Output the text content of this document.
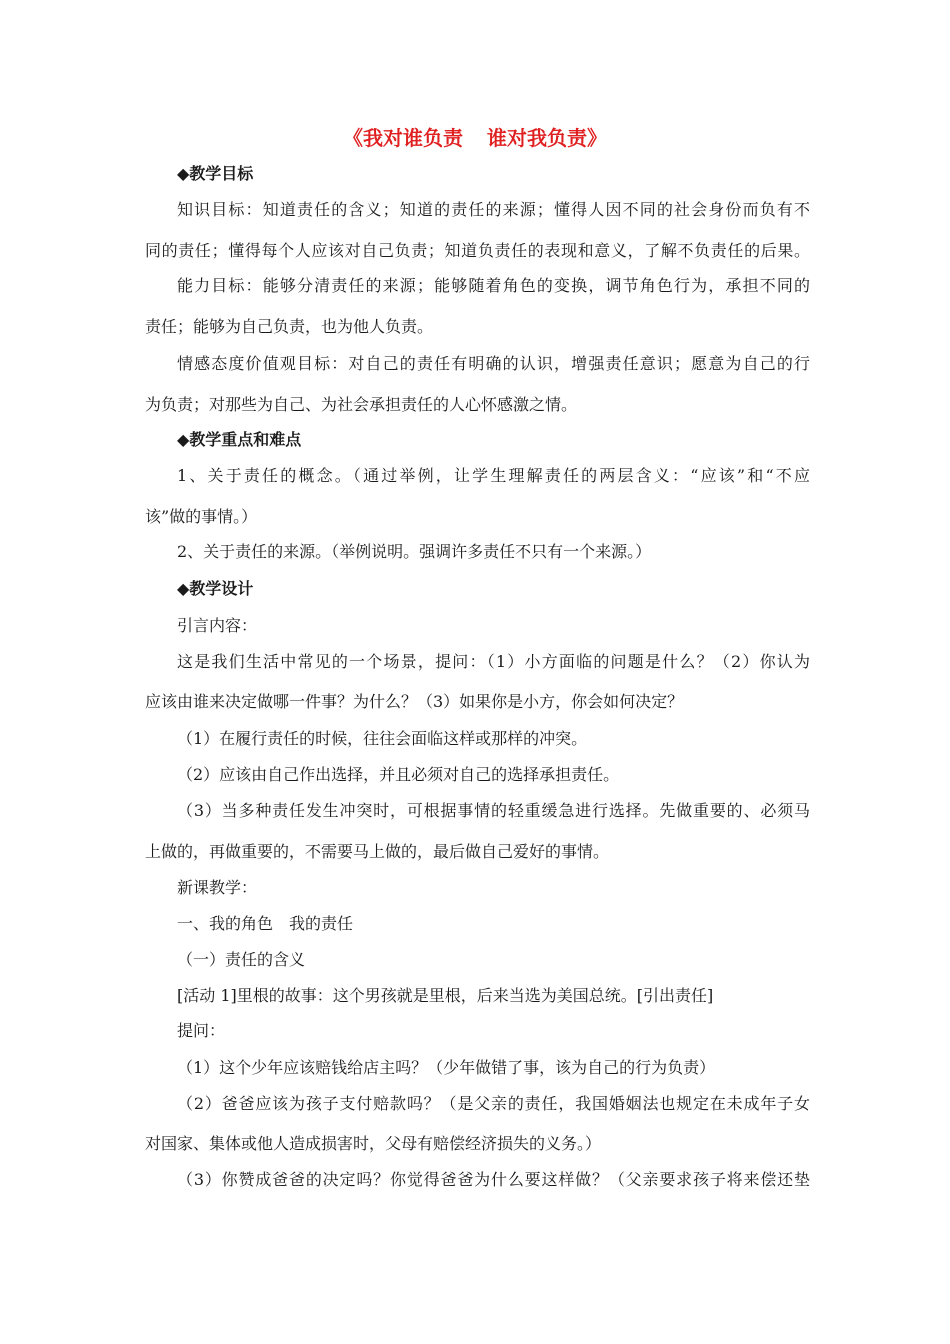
《我对谁负责 谁对我负责》
◆教学目标
知识目标：知道责任的含义；知道的责任的来源；懂得人因不同的社会身份而负有不
同的责任；懂得每个人应该对自己负责；知道负责任的表现和意义，了解不负责任的后果。
能力目标：能够分清责任的来源；能够随着角色的变换，调节角色行为，承担不同的
责任；能够为自己负责，也为他人负责。
情感态度价值观目标：对自己的责任有明确的认识，增强责任意识；愿意为自己的行
为负责；对那些为自己、为社会承担责任的人心怀感激之情。
◆教学重点和难点
1、关于责任的概念。（通过举例，让学生理解责任的两层含义：“应该”和“不应
该”做的事情。）
2、关于责任的来源。（举例说明。强调许多责任不只有一个来源。）
◆教学设计
引言内容：
这是我们生活中常见的一个场景，提问：（1）小方面临的问题是什么？（2）你认为
应该由谁来决定做哪一件事？为什么？（3）如果你是小方，你会如何决定？
（1）在履行责任的时候，往往会面临这样或那样的冲突。
（2）应该由自己作出选择，并且必须对自己的选择承担责任。
（3）当多种责任发生冲突时，可根据事情的轻重缓急进行选择。先做重要的、必须马
上做的，再做重要的，不需要马上做的，最后做自己爱好的事情。
新课教学：
一、我的角色　我的责任
（一）责任的含义
[活动 1]里根的故事：这个男孩就是里根，后来当选为美国总统。[引出责任]
提问：
（1）这个少年应该赔钱给店主吗？（少年做错了事，该为自己的行为负责）
（2）爸爸应该为孩子支付赔款吗？（是父亲的责任，我国婚姻法也规定在未成年子女
对国家、集体或他人造成损害时，父母有赔偿经济损失的义务。）
（3）你赞成爸爸的决定吗？你觉得爸爸为什么要这样做？（父亲要求孩子将来偿还垫
